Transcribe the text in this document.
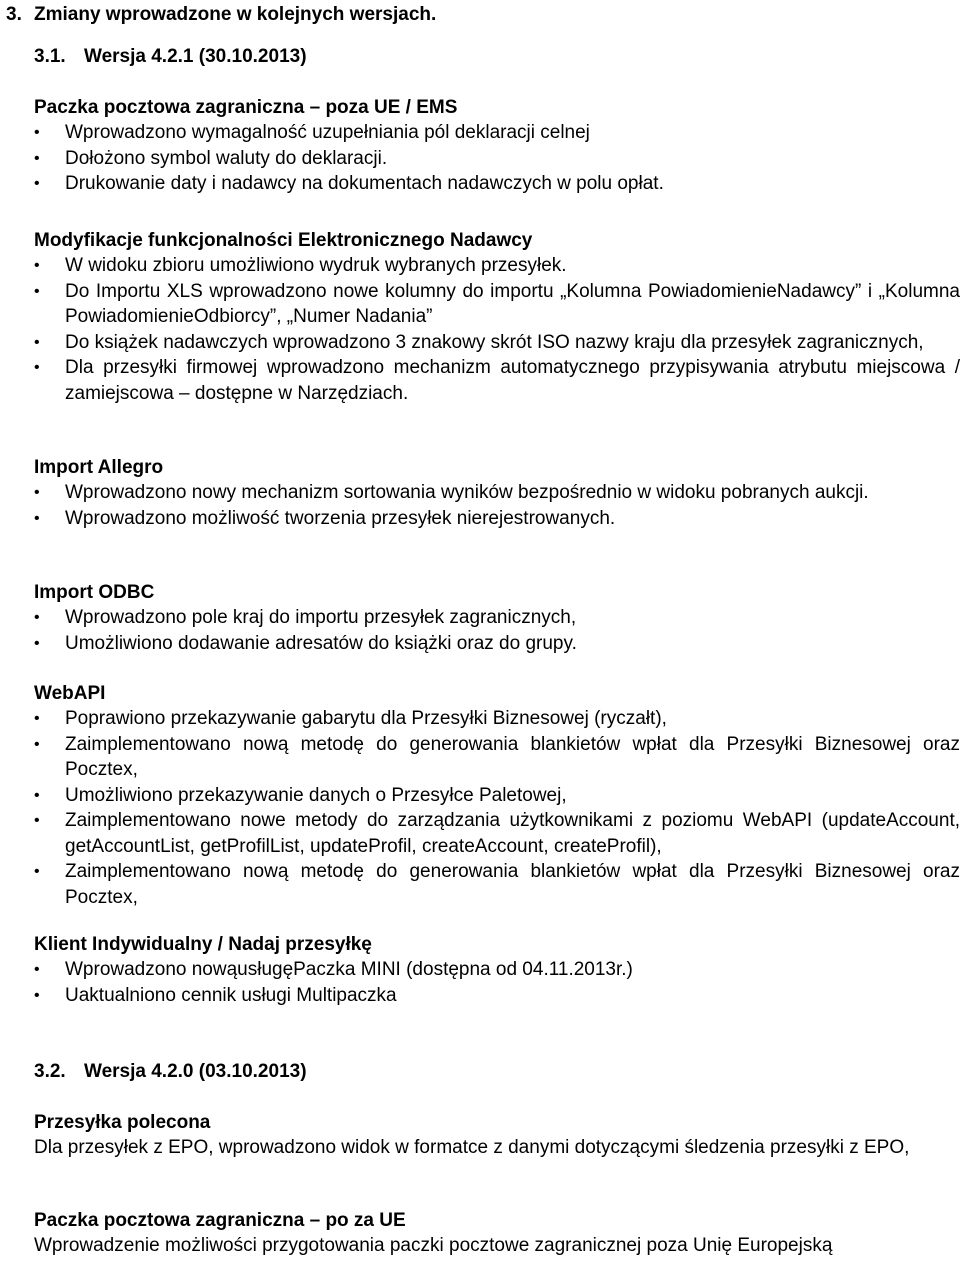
3. Zmiany wprowadzone w kolejnych wersjach.
3.1. Wersja 4.2.1 (30.10.2013)
Paczka pocztowa zagraniczna – poza UE / EMS
• Wprowadzono wymagalność uzupełniania pól deklaracji celnej
• Dołożono symbol waluty do deklaracji.
• Drukowanie daty i nadawcy na dokumentach nadawczych w polu opłat.
Modyfikacje funkcjonalności Elektronicznego Nadawcy
• W widoku zbioru umożliwiono wydruk wybranych przesyłek.
• Do Importu XLS wprowadzono nowe kolumny do importu „Kolumna PowiadomienieNadawcy” i „Kolumna PowiadomienieOdbiorcy”, „Numer Nadania”
• Do książek nadawczych wprowadzono 3 znakowy skrót ISO nazwy kraju dla przesyłek zagranicznych,
• Dla przesyłki firmowej wprowadzono mechanizm automatycznego przypisywania atrybutu miejscowa / zamiejscowa – dostępne w Narzędziach.
Import Allegro
• Wprowadzono nowy mechanizm sortowania wyników bezpośrednio w widoku pobranych aukcji.
• Wprowadzono możliwość tworzenia przesyłek nierejestrowanych.
Import ODBC
• Wprowadzono pole kraj do importu przesyłek zagranicznych,
• Umożliwiono dodawanie adresatów do książki oraz do grupy.
WebAPI
• Poprawiono przekazywanie gabarytu dla Przesyłki Biznesowej (ryczałt),
• Zaimplementowano nową metodę do generowania blankietów wpłat dla Przesyłki Biznesowej oraz Pocztex,
• Umożliwiono przekazywanie danych o Przesyłce Paletowej,
• Zaimplementowano nowe metody do zarządzania użytkownikami z poziomu WebAPI (updateAccount, getAccountList, getProfilList, updateProfil, createAccount, createProfil),
• Zaimplementowano nową metodę do generowania blankietów wpłat dla Przesyłki Biznesowej oraz Pocztex,
Klient Indywidualny / Nadaj przesyłkę
• Wprowadzono nowąusługęPaczka MINI (dostępna od 04.11.2013r.)
• Uaktualniono cennik usługi Multipaczka
3.2. Wersja 4.2.0 (03.10.2013)
Przesyłka polecona

Dla przesyłek z EPO, wprowadzono widok w formatce z danymi dotyczącymi śledzenia przesyłki z EPO,

Paczka pocztowa zagraniczna – po za UE

Wprowadzenie możliwości przygotowania paczki pocztowe zagranicznej poza Unię Europejską
